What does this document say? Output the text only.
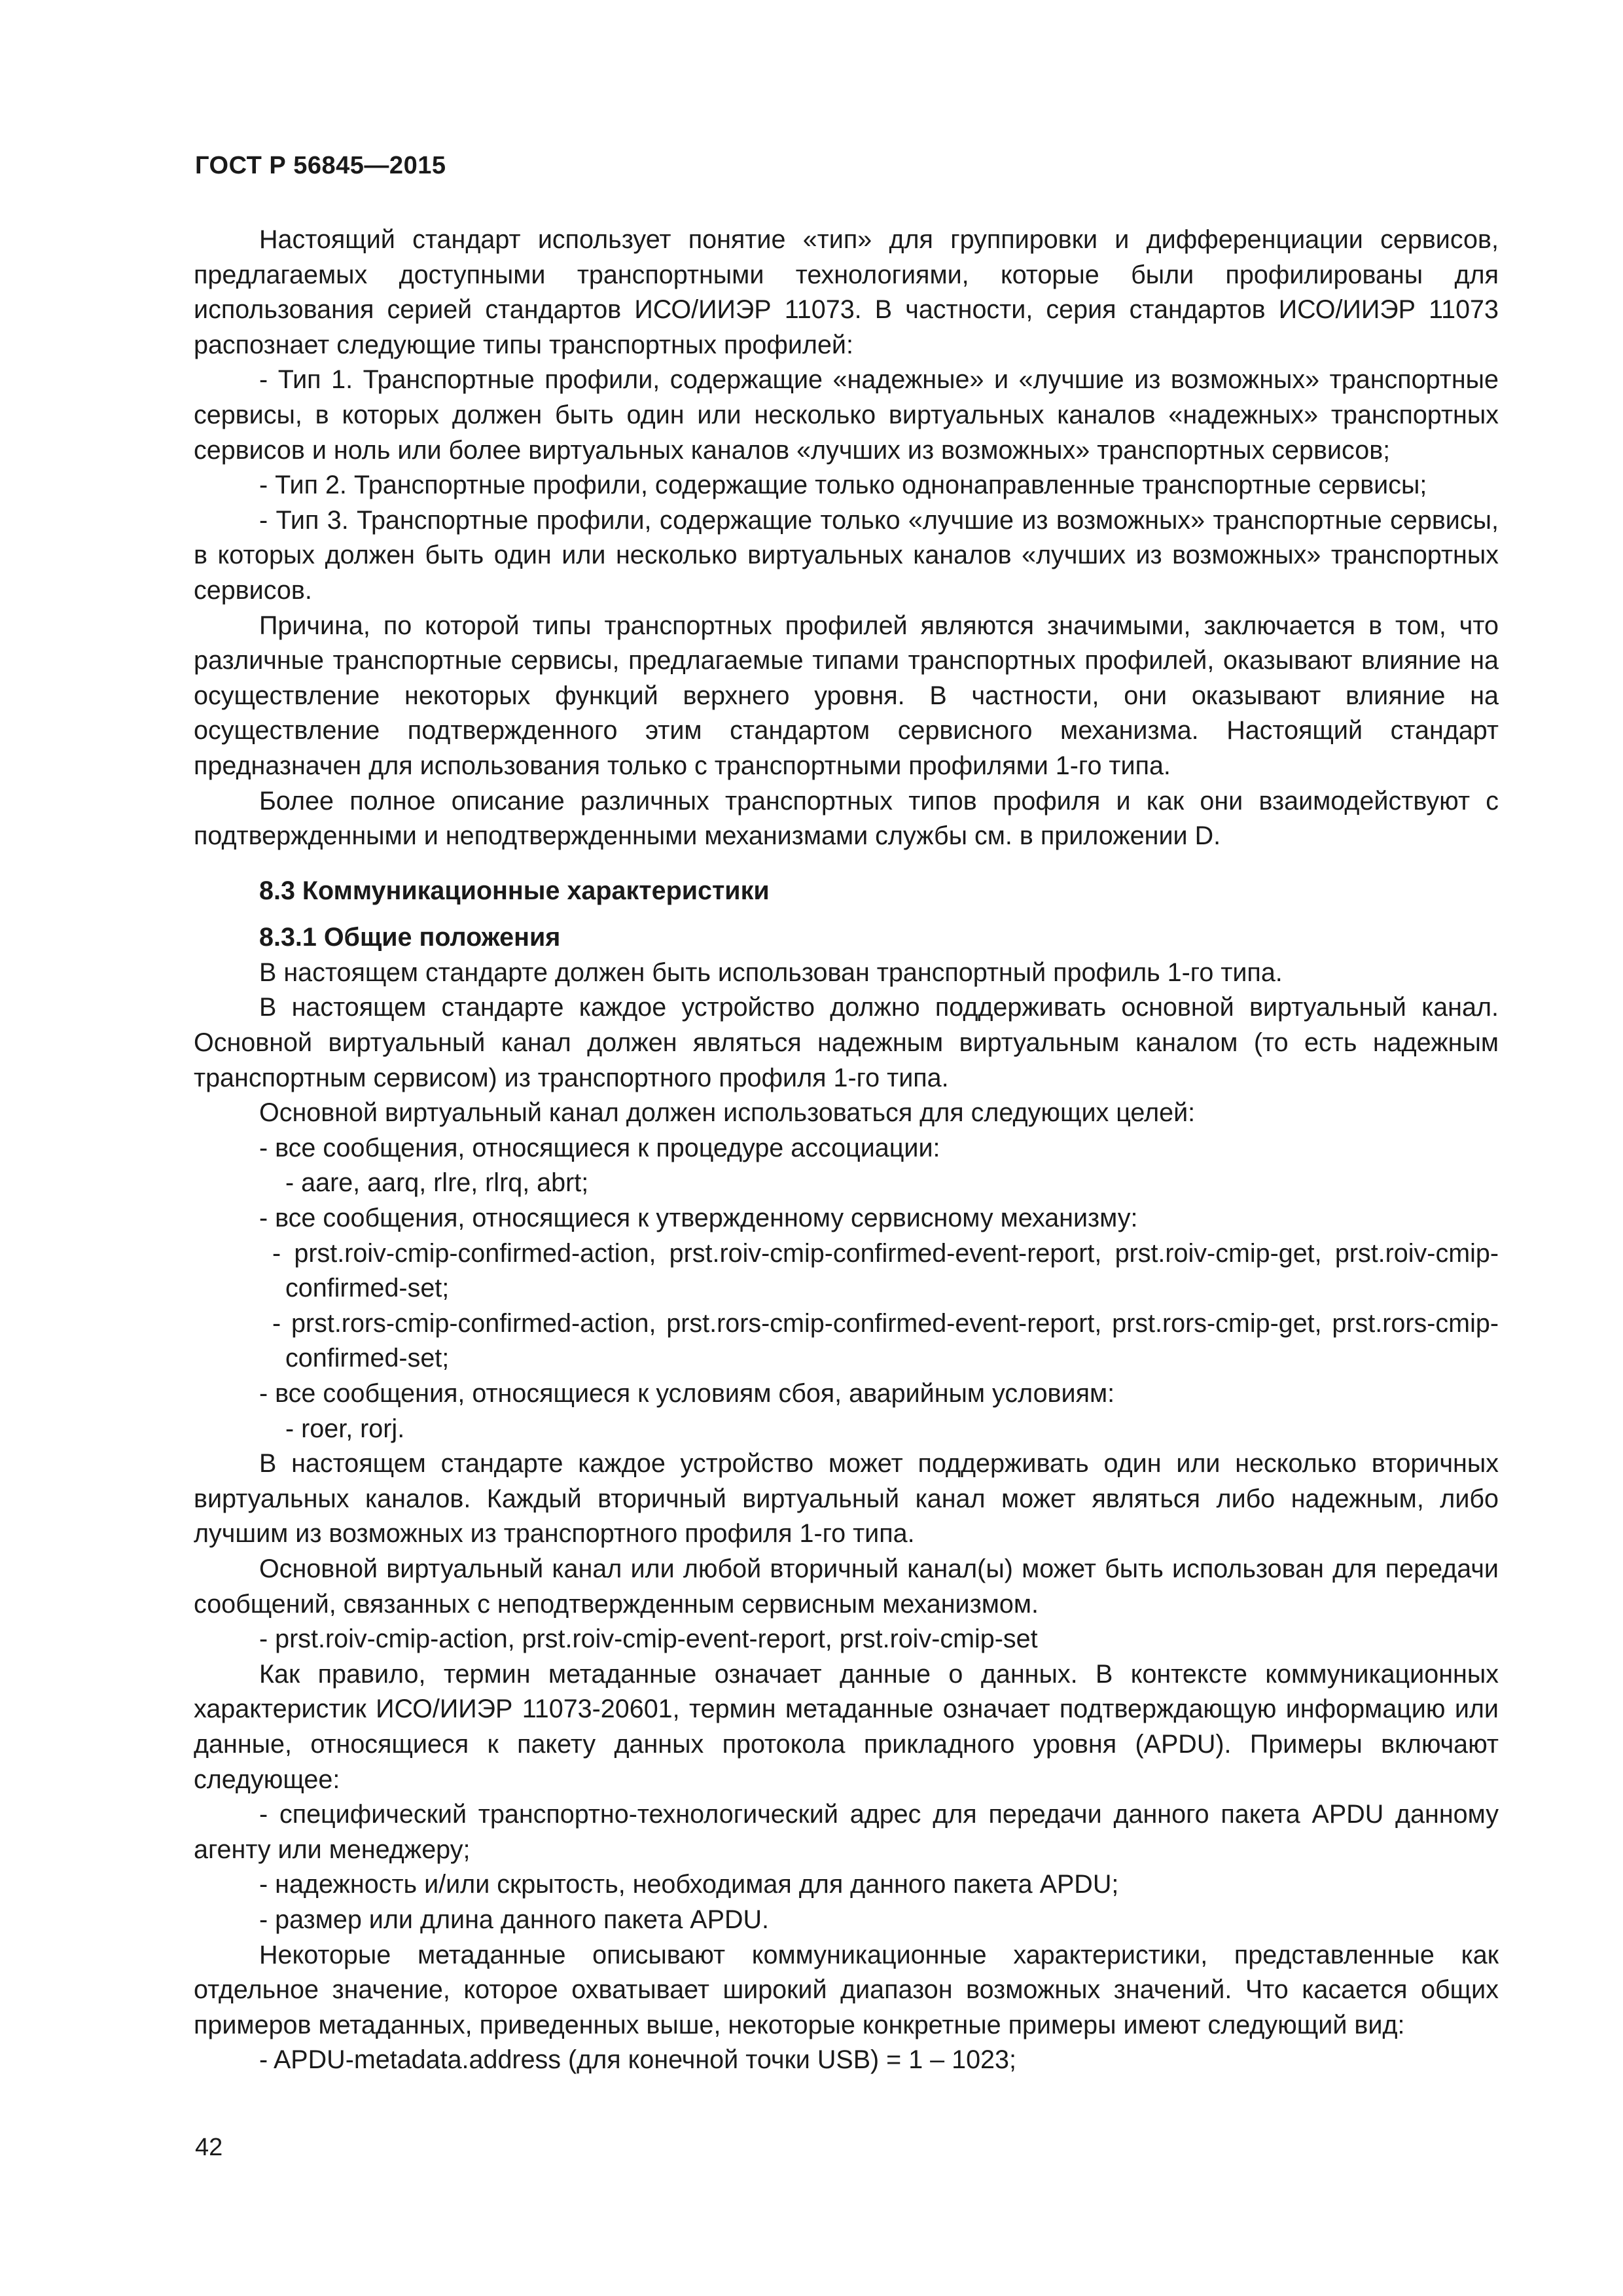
ГОСТ Р 56845—2015

Настоящий стандарт использует понятие «тип» для группировки и дифференциации сервисов, предлагаемых доступными транспортными технологиями, которые были профилированы для использования серией стандартов ИСО/ИИЭР 11073. В частности, серия стандартов ИСО/ИИЭР 11073 распознает следующие типы транспортных профилей:

- Тип 1. Транспортные профили, содержащие «надежные» и «лучшие из возможных» транспортные сервисы, в которых должен быть один или несколько виртуальных каналов «надежных» транспортных сервисов и ноль или более виртуальных каналов «лучших из возможных» транспортных сервисов;

- Тип 2. Транспортные профили, содержащие только однонаправленные транспортные сервисы;

- Тип 3. Транспортные профили, содержащие только «лучшие из возможных» транспортные сервисы, в которых должен быть один или несколько виртуальных каналов «лучших из возможных» транспортных сервисов.

Причина, по которой типы транспортных профилей являются значимыми, заключается в том, что различные транспортные сервисы, предлагаемые типами транспортных профилей, оказывают влияние на осуществление некоторых функций верхнего уровня. В частности, они оказывают влияние на осуществление подтвержденного этим стандартом сервисного механизма. Настоящий стандарт предназначен для использования только с транспортными профилями 1-го типа.

Более полное описание различных транспортных типов профиля и как они взаимодействуют с подтвержденными и неподтвержденными механизмами службы см. в приложении D.

8.3 Коммуникационные характеристики
8.3.1 Общие положения

В настоящем стандарте должен быть использован транспортный профиль 1-го типа.

В настоящем стандарте каждое устройство должно поддерживать основной виртуальный канал. Основной виртуальный канал должен являться надежным виртуальным каналом (то есть надежным транспортным сервисом) из транспортного профиля 1-го типа.

Основной виртуальный канал должен использоваться для следующих целей:

- все сообщения, относящиеся к процедуре ассоциации:

- aare, aarq, rlre, rlrq, abrt;

- все сообщения, относящиеся к утвержденному сервисному механизму:

- prst.roiv-cmip-confirmed-action, prst.roiv-cmip-confirmed-event-report, prst.roiv-cmip-get, prst.roiv-cmip-confirmed-set;

- prst.rors-cmip-confirmed-action, prst.rors-cmip-confirmed-event-report, prst.rors-cmip-get, prst.rors-cmip-confirmed-set;

- все сообщения, относящиеся к условиям сбоя, аварийным условиям:

- roer, rorj.

В настоящем стандарте каждое устройство может поддерживать один или несколько вторичных виртуальных каналов. Каждый вторичный виртуальный канал может являться либо надежным, либо лучшим из возможных из транспортного профиля 1-го типа.

Основной виртуальный канал или любой вторичный канал(ы) может быть использован для передачи сообщений, связанных с неподтвержденным сервисным механизмом.

- prst.roiv-cmip-action, prst.roiv-cmip-event-report, prst.roiv-cmip-set

Как правило, термин метаданные означает данные о данных. В контексте коммуникационных характеристик ИСО/ИИЭР 11073-20601, термин метаданные означает подтверждающую информацию или данные, относящиеся к пакету данных протокола прикладного уровня (APDU). Примеры включают следующее:

- специфический транспортно-технологический адрес для передачи данного пакета APDU данному агенту или менеджеру;

- надежность и/или скрытость, необходимая для данного пакета APDU;

- размер или длина данного пакета APDU.

Некоторые метаданные описывают коммуникационные характеристики, представленные как отдельное значение, которое охватывает широкий диапазон возможных значений. Что касается общих примеров метаданных, приведенных выше, некоторые конкретные примеры имеют следующий вид:

- APDU-metadata.address (для конечной точки USB) = 1 – 1023;

42
